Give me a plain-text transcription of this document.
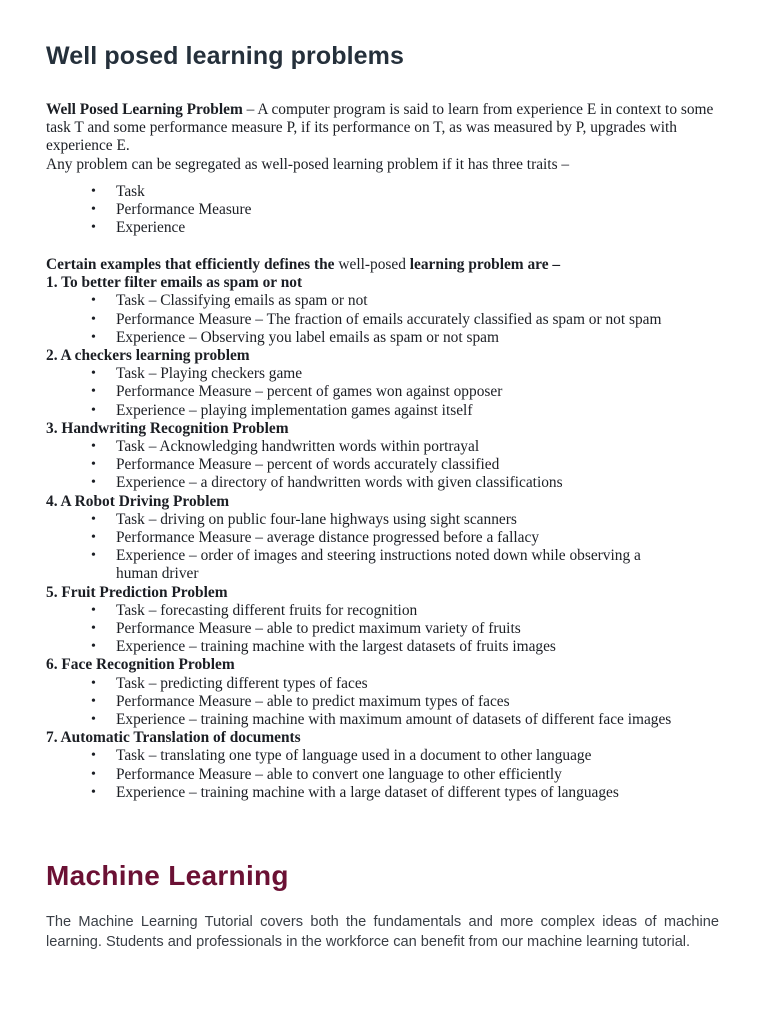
Well posed learning problems

Well Posed Learning Problem – A computer program is said to learn from experience E in context to some task T and some performance measure P, if its performance on T, as was measured by P, upgrades with experience E.

Any problem can be segregated as well-posed learning problem if it has three traits –

• Task
• Performance Measure
• Experience

Certain examples that efficiently defines the well-posed learning problem are –

1. To better filter emails as spam or not

• Task – Classifying emails as spam or not
• Performance Measure – The fraction of emails accurately classified as spam or not spam
• Experience – Observing you label emails as spam or not spam

2. A checkers learning problem

• Task – Playing checkers game
• Performance Measure – percent of games won against opposer
• Experience – playing implementation games against itself

3. Handwriting Recognition Problem

• Task – Acknowledging handwritten words within portrayal
• Performance Measure – percent of words accurately classified
• Experience – a directory of handwritten words with given classifications

4. A Robot Driving Problem

• Task – driving on public four-lane highways using sight scanners
• Performance Measure – average distance progressed before a fallacy
• Experience – order of images and steering instructions noted down while observing a human driver

5. Fruit Prediction Problem

• Task – forecasting different fruits for recognition
• Performance Measure – able to predict maximum variety of fruits
• Experience – training machine with the largest datasets of fruits images

6. Face Recognition Problem

• Task – predicting different types of faces
• Performance Measure – able to predict maximum types of faces
• Experience – training machine with maximum amount of datasets of different face images

7. Automatic Translation of documents

• Task – translating one type of language used in a document to other language
• Performance Measure – able to convert one language to other efficiently
• Experience – training machine with a large dataset of different types of languages
Machine Learning

The Machine Learning Tutorial covers both the fundamentals and more complex ideas of machine learning. Students and professionals in the workforce can benefit from our machine learning tutorial.
